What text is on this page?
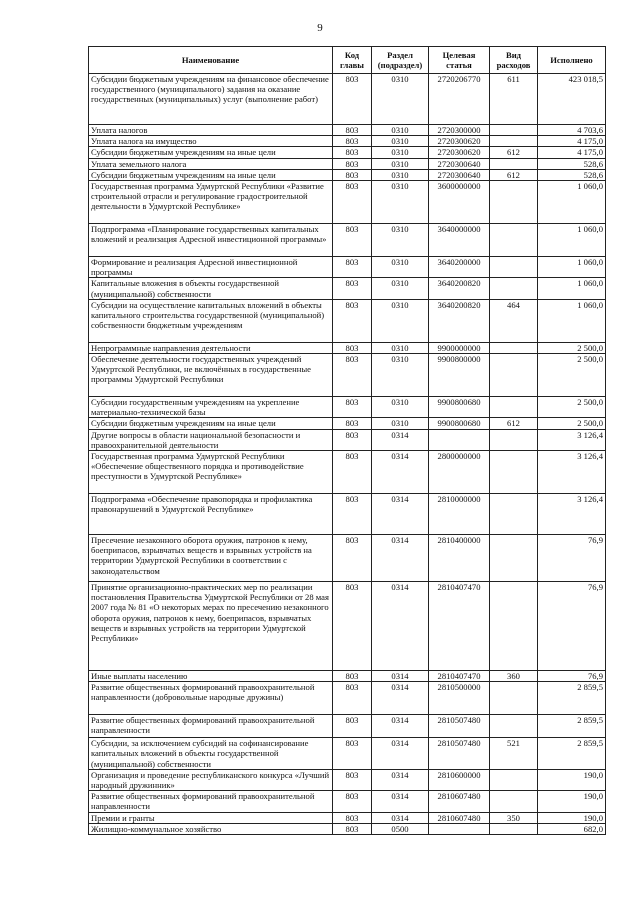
9
Наименование	Код главы	Раздел (подраздел)	Целевая статья	Вид расходов	Исполнено
Субсидии бюджетным учреждениям на финансовое обеспечение государственного (муниципального) задания на оказание государственных (муниципальных) услуг (выполнение работ)	803	0310	2720206770	611	423 018,5
Уплата налогов	803	0310	2720300000		4 703,6
Уплата налога на имущество	803	0310	2720300620		4 175,0
Субсидии бюджетным учреждениям на иные цели	803	0310	2720300620	612	4 175,0
Уплата земельного налога	803	0310	2720300640		528,6
Субсидии бюджетным учреждениям на иные цели	803	0310	2720300640	612	528,6
Государственная программа Удмуртской Республики «Развитие строительной отрасли и регулирование градостроительной деятельности в Удмуртской Республике»	803	0310	3600000000		1 060,0
Подпрограмма «Планирование государственных капитальных вложений и реализация Адресной инвестиционной программы»	803	0310	3640000000		1 060,0
Формирование и реализация Адресной инвестиционной программы	803	0310	3640200000		1 060,0
Капитальные вложения в объекты государственной (муниципальной) собственности	803	0310	3640200820		1 060,0
Субсидии на осуществление капитальных вложений в объекты капитального строительства государственной (муниципальной) собственности бюджетным учреждениям	803	0310	3640200820	464	1 060,0
Непрограммные направления деятельности	803	0310	9900000000		2 500,0
Обеспечение деятельности государственных учреждений Удмуртской Республики, не включённых в государственные программы Удмуртской Республики	803	0310	9900800000		2 500,0
Субсидии государственным учреждениям на укрепление материально-технической базы	803	0310	9900800680		2 500,0
Субсидии бюджетным учреждениям на иные цели	803	0310	9900800680	612	2 500,0
Другие вопросы в области национальной безопасности и правоохранительной деятельности	803	0314			3 126,4
Государственная программа Удмуртской Республики «Обеспечение общественного порядка и противодействие преступности в Удмуртской Республике»	803	0314	2800000000		3 126,4
Подпрограмма «Обеспечение правопорядка и профилактика правонарушений в Удмуртской Республике»	803	0314	2810000000		3 126,4
Пресечение незаконного оборота оружия, патронов к нему, боеприпасов, взрывчатых веществ и взрывных устройств на территории Удмуртской Республики в соответствии с законодательством	803	0314	2810400000		76,9
Принятие организационно-практических мер по реализации постановления Правительства Удмуртской Республики от 28 мая 2007 года № 81 «О некоторых мерах по пресечению незаконного оборота оружия, патронов к нему, боеприпасов, взрывчатых веществ и взрывных устройств на территории Удмуртской Республики»	803	0314	2810407470		76,9
Иные выплаты населению	803	0314	2810407470	360	76,9
Развитие общественных формирований правоохранительной направленности (добровольные народные дружины)	803	0314	2810500000		2 859,5
Развитие общественных формирований правоохранительной направленности	803	0314	2810507480		2 859,5
Субсидии, за исключением субсидий на софинансирование капитальных вложений в объекты государственной (муниципальной) собственности	803	0314	2810507480	521	2 859,5
Организация и проведение республиканского конкурса «Лучший народный дружинник»	803	0314	2810600000		190,0
Развитие общественных формирований правоохранительной направленности	803	0314	2810607480		190,0
Премии и гранты	803	0314	2810607480	350	190,0
Жилищно-коммунальное хозяйство	803	0500			682,0
